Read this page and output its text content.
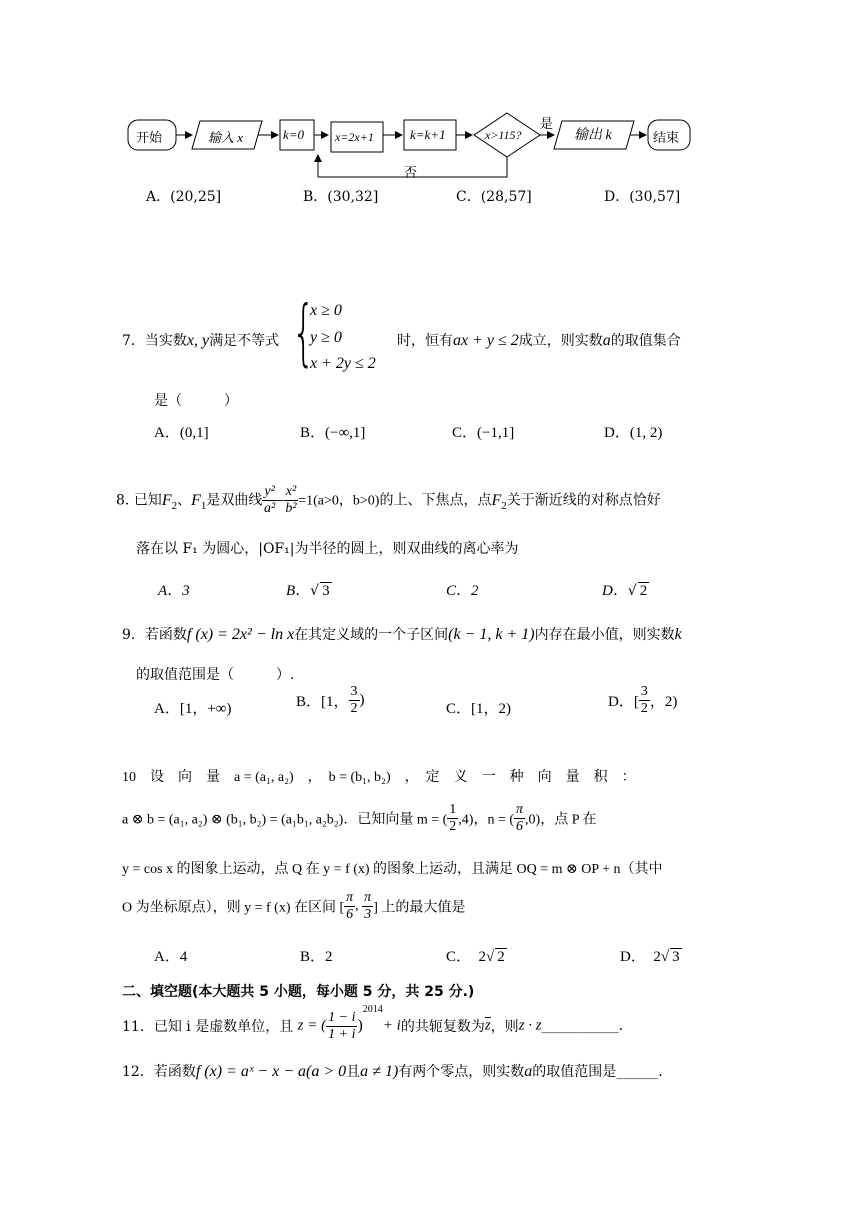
开始	输入 x	k=0	x=2x+1	k=k+1	x>115?
是
否
输出 k	结束
A．(20,25]	B．(30,32]	C．(28,57]	D．(30,57]
7．当实数x, y满足不等式 {
x ≥ 0
y ≥ 0
x + 2y ≤ 2
时，恒有ax + y ≤ 2成立，则实数a的取值集合
是（　　　）
A．(0,1]	B．(−∞,1]	C．(−1,1]	D．(1, 2)
8. 已知$F_2$、$F_1$是双曲线 $\frac{\text{y²}}{\text{a²}} - \frac{\text{x²}}{\text{b²}} =1(a>0$，b>0)的上、下焦点，点$F_2$关于渐近线的对称点恰好
落在以 F₁ 为圆心，|OF₁|为半径的圆上，则双曲线的离心率为
A．3	B．√ 3	C．2	D．√ 2
9．若函数f (x) = 2x² − ln x在其定义域的一个子区间(k − 1, k + 1)内存在最小值，则实数k
的取值范围是（　　　）.
A．[1，+∞)	B．[1， $\frac{3}{2}$ )
C．[1，2)	D．[ $\frac{3}{2}$ ，2)
10　设　向　量　a = (a₁, a₂)　，　b = (b₁, b₂)　，　定　义　一　种　向　量　积　：
a ⊗ b = (a₁, a₂) ⊗ (b₁, b₂) = (a₁b₁, a₂b₂)．已知向量 m = ( $\frac{1}{2} ,4$)，n = ( $\frac{\pi}{6} ,0$)，点 P 在
y = cos x 的图象上运动，点 Q 在 y = f (x) 的图象上运动，且满足 OQ = m ⊗ OP + n（其中
O 为坐标原点），则 y = f (x) 在区间 [ $\frac{\pi}{6}$ , $\frac{\pi}{3}$ ] 上的最大值是
A．4	B．2	C．　2√ 2	D．　2√ 3
二、填空题(本大题共 5 小题，每小题 5 分，共 25 分.)
11．已知 i 是虚数单位，且 z = ( $\frac{1 - i}{1 + i} )^{2014}+ i$的共轭复数为$\overline{z}$，则z · z___________.
12．若函数f (x) = aˣ − x − a(a > 0且a ≠ 1)有两个零点，则实数a的取值范围是______.
